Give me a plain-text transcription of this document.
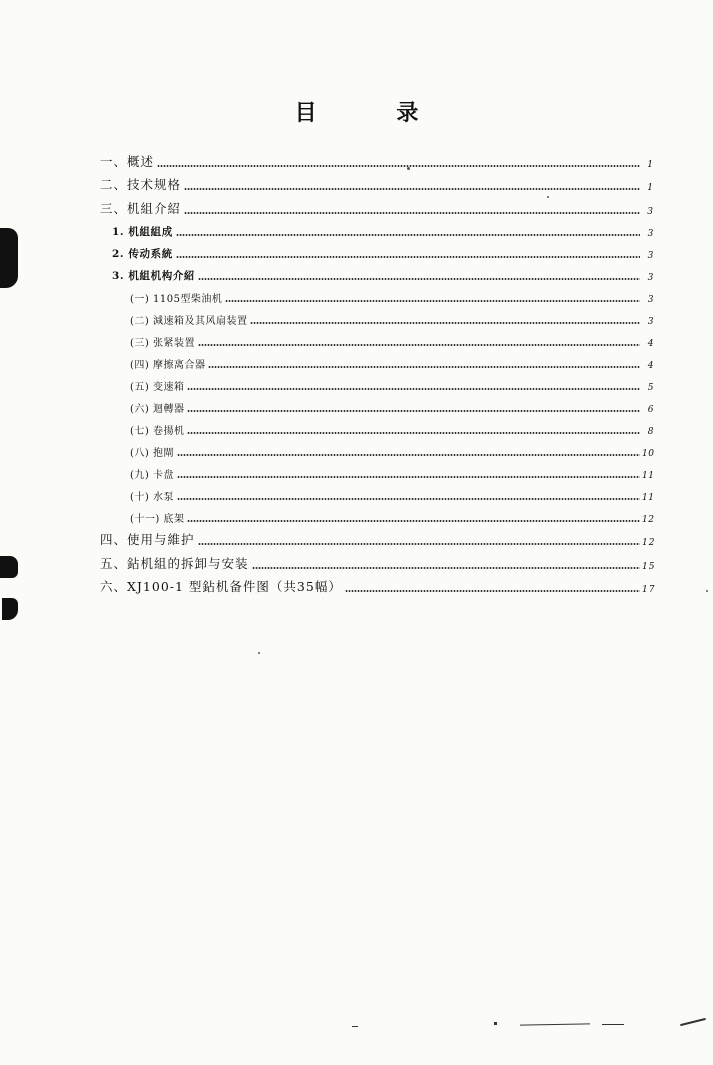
目 录
一、概述	1
二、技术规格	1
三、机組介紹	3
1. 机組組成	3
2. 传动系統	3
3. 机組机构介紹	3
(一) 1105型柴油机	3
(二) 減速箱及其风扇装置	3
(三) 张紧装置	4
(四) 摩擦离合器	4
(五) 变速箱	5
(六) 迴轉器	6
(七) 卷揚机	8
(八) 抱閘	10
(九) 卡盘	11
(十) 水泵	11
(十一) 底架	12
四、使用与維护	12
五、鉆机組的拆卸与安装	15
六、XJ100-1 型鉆机备件图（共35幅）	17
